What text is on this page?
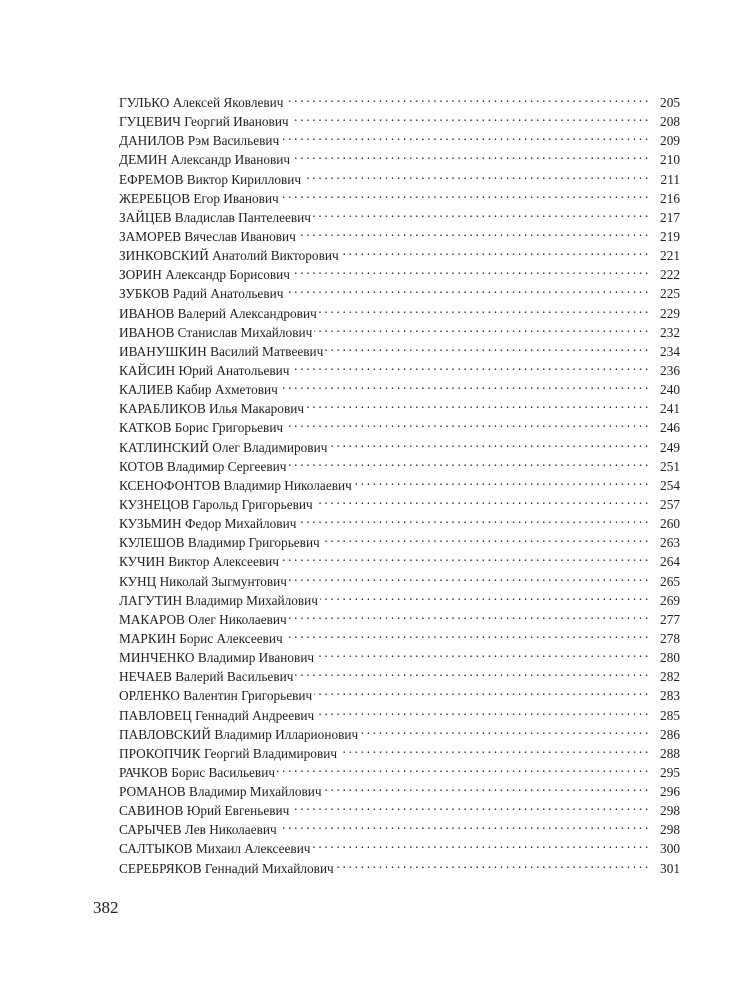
ГУЛЬКО Алексей Яковлевич . . .	205
ГУЦЕВИЧ Георгий Иванович . . .	208
ДАНИЛОВ Рэм Васильевич . . .	209
ДЕМИН Александр Иванович . . .	210
ЕФРЕМОВ Виктор Кириллович . . .	211
ЖЕРЕБЦОВ Егор Иванович . . .	216
ЗАЙЦЕВ Владислав Пантелеевич . . .	217
ЗАМОРЕВ Вячеслав Иванович . . .	219
ЗИНКОВСКИЙ Анатолий Викторович . . .	221
ЗОРИН Александр Борисович . . .	222
ЗУБКОВ Радий Анатольевич . . .	225
ИВАНОВ Валерий Александрович . . .	229
ИВАНОВ Станислав Михайлович . . .	232
ИВАНУШКИН Василий Матвеевич . . .	234
КАЙСИН Юрий Анатольевич . . .	236
КАЛИЕВ Кабир Ахметович . . .	240
КАРАБЛИКОВ Илья Макарович . . .	241
КАТКОВ Борис Григорьевич . . .	246
КАТЛИНСКИЙ Олег Владимирович . . .	249
КОТОВ Владимир Сергеевич . . .	251
КСЕНОФОНТОВ Владимир Николаевич . . .	254
КУЗНЕЦОВ Гарольд Григорьевич . . .	257
КУЗЬМИН Федор Михайлович . . .	260
КУЛЕШОВ Владимир Григорьевич . . .	263
КУЧИН Виктор Алексеевич . . .	264
КУНЦ Николай Зыгмунтович . . .	265
ЛАГУТИН Владимир Михайлович . . .	269
МАКАРОВ Олег Николаевич . . .	277
МАРКИН Борис Алексеевич . . .	278
МИНЧЕНКО Владимир Иванович . . .	280
НЕЧАЕВ Валерий Васильевич . . .	282
ОРЛЕНКО Валентин Григорьевич . . .	283
ПАВЛОВЕЦ Геннадий Андреевич . . .	285
ПАВЛОВСКИЙ Владимир Илларионович . . .	286
ПРОКОПЧИК Георгий Владимирович . . .	288
РАЧКОВ Борис Васильевич . . .	295
РОМАНОВ Владимир Михайлович . . .	296
САВИНОВ Юрий Евгеньевич . . .	298
САРЫЧЕВ Лев Николаевич . . .	298
САЛТЫКОВ Михаил Алексеевич . . .	300
СЕРЕБРЯКОВ Геннадий Михайлович . . .	301
382
